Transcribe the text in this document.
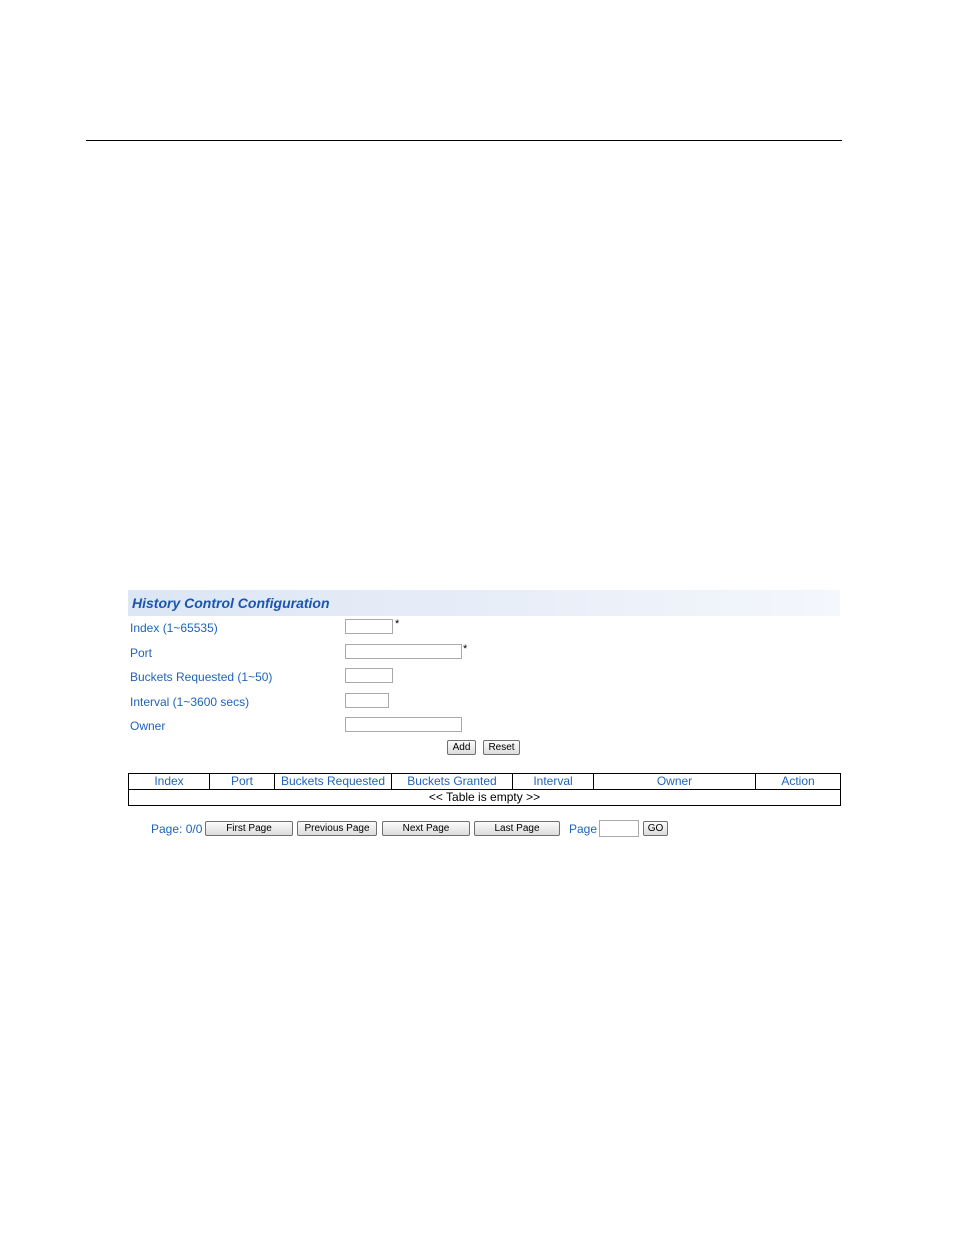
History Control Configuration
Index (1~65535)	*
Port	*
Buckets Requested (1~50)
Interval (1~3600 secs)
Owner
Add	Reset
Index	Port	Buckets Requested	Buckets Granted	Interval	Owner	Action
<< Table is empty >>
Page: 0/0	First Page	Previous Page	Next Page	Last Page	Page	GO
